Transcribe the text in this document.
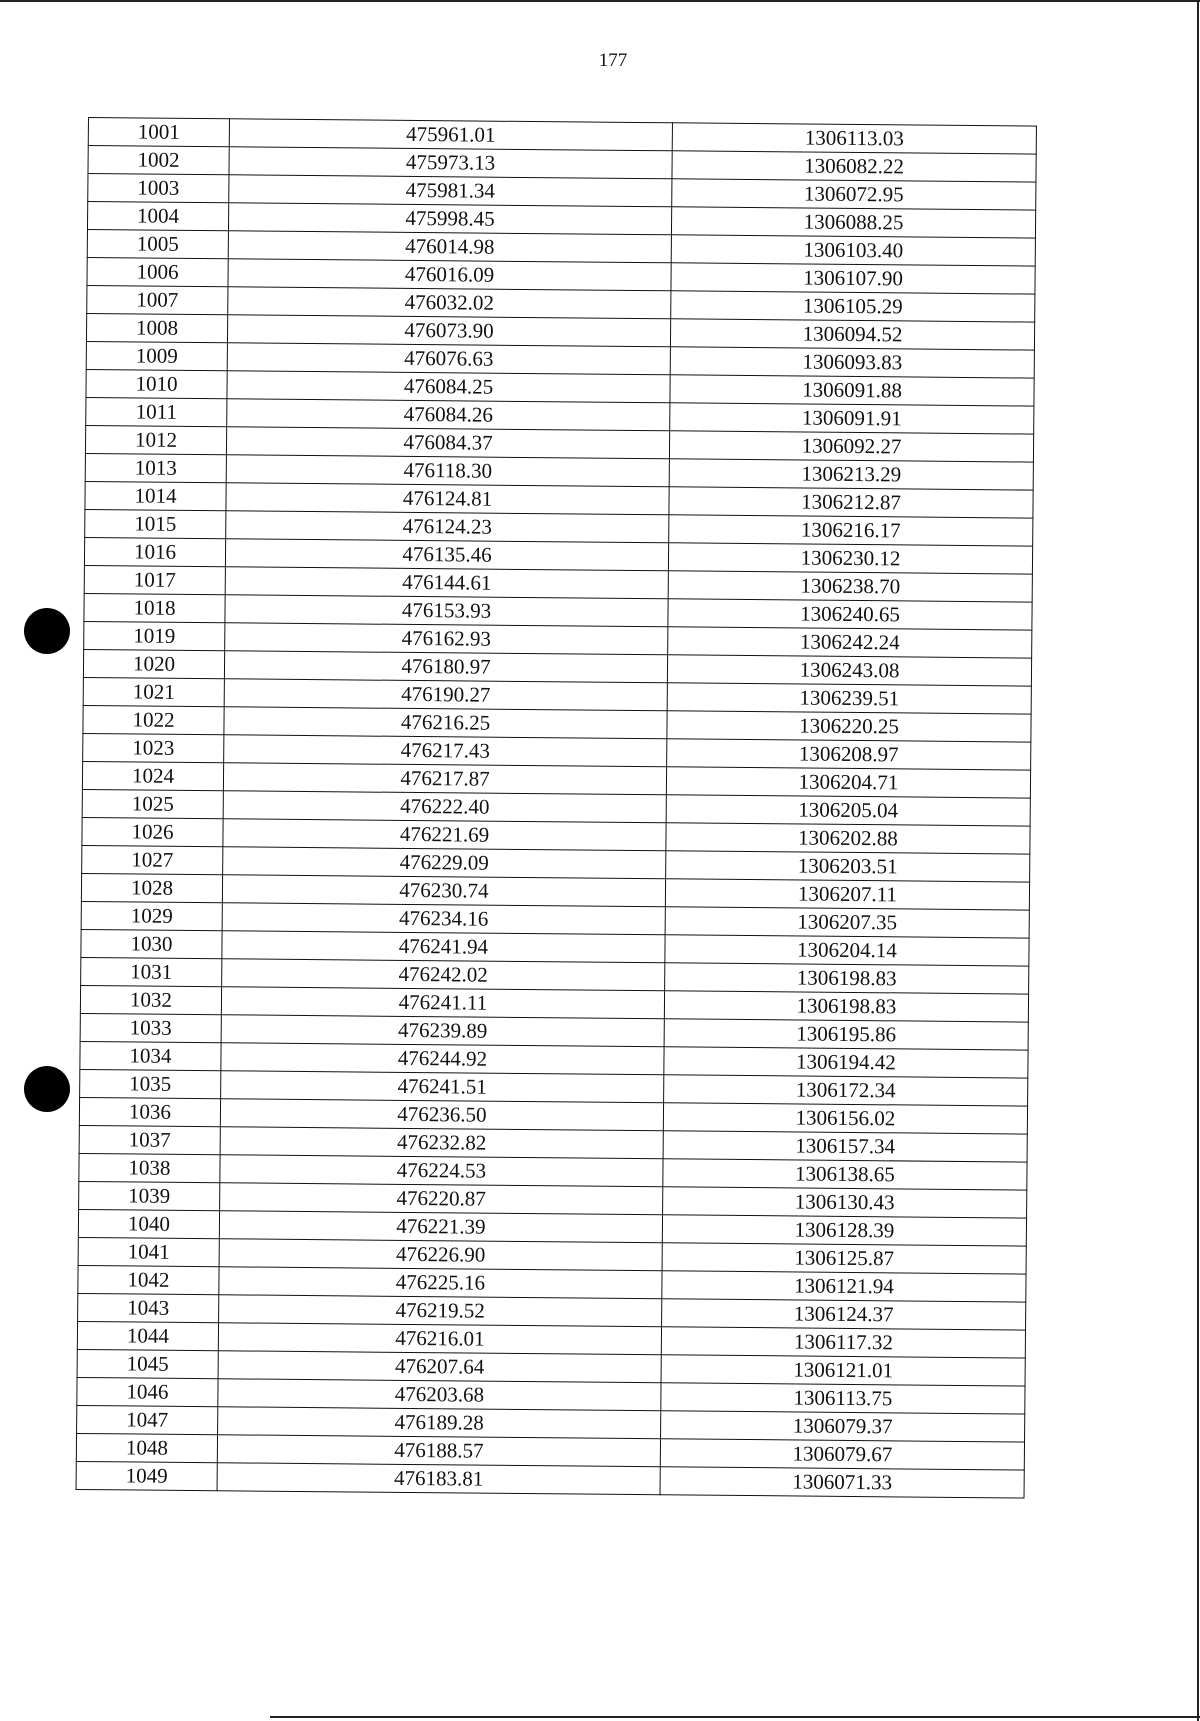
177
1001	475961.01	1306113.03
1002	475973.13	1306082.22
1003	475981.34	1306072.95
1004	475998.45	1306088.25
1005	476014.98	1306103.40
1006	476016.09	1306107.90
1007	476032.02	1306105.29
1008	476073.90	1306094.52
1009	476076.63	1306093.83
1010	476084.25	1306091.88
1011	476084.26	1306091.91
1012	476084.37	1306092.27
1013	476118.30	1306213.29
1014	476124.81	1306212.87
1015	476124.23	1306216.17
1016	476135.46	1306230.12
1017	476144.61	1306238.70
1018	476153.93	1306240.65
1019	476162.93	1306242.24
1020	476180.97	1306243.08
1021	476190.27	1306239.51
1022	476216.25	1306220.25
1023	476217.43	1306208.97
1024	476217.87	1306204.71
1025	476222.40	1306205.04
1026	476221.69	1306202.88
1027	476229.09	1306203.51
1028	476230.74	1306207.11
1029	476234.16	1306207.35
1030	476241.94	1306204.14
1031	476242.02	1306198.83
1032	476241.11	1306198.83
1033	476239.89	1306195.86
1034	476244.92	1306194.42
1035	476241.51	1306172.34
1036	476236.50	1306156.02
1037	476232.82	1306157.34
1038	476224.53	1306138.65
1039	476220.87	1306130.43
1040	476221.39	1306128.39
1041	476226.90	1306125.87
1042	476225.16	1306121.94
1043	476219.52	1306124.37
1044	476216.01	1306117.32
1045	476207.64	1306121.01
1046	476203.68	1306113.75
1047	476189.28	1306079.37
1048	476188.57	1306079.67
1049	476183.81	1306071.33
